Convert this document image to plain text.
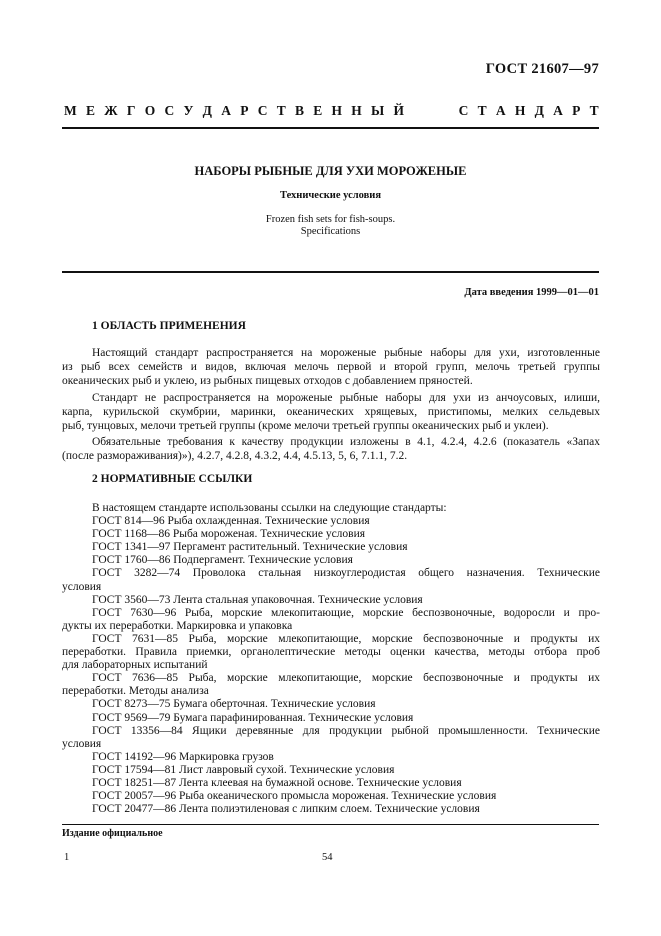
ГОСТ 21607—97
М Е Ж Г О С У Д А Р С Т В Е Н Н Ы Й	С Т А Н Д А Р Т
НАБОРЫ РЫБНЫЕ ДЛЯ УХИ МОРОЖЕНЫЕ
Технические условия
Frozen fish sets for fish-soups.
Specifications
Дата введения 1999—01—01
1 ОБЛАСТЬ ПРИМЕНЕНИЯ
Настоящий стандарт распространяется на мороженые рыбные наборы для ухи, изготовленные
из рыб всех семейств и видов, включая мелочь первой и второй групп, мелочь третьей группы
океанических рыб и уклею, из рыбных пищевых отходов с добавлением пряностей.
Стандарт не распространяется на мороженые рыбные наборы для ухи из анчоусовых, илиши,
карпа, курильской скумбрии, маринки, океанических хрящевых, пристипомы, мелких сельдевых
рыб, тунцовых, мелочи третьей группы (кроме мелочи третьей группы океанических рыб и уклеи).
Обязательные требования к качеству продукции изложены в 4.1, 4.2.4, 4.2.6 (показатель «Запах
(после размораживания)»), 4.2.7, 4.2.8, 4.3.2, 4.4, 4.5.13, 5, 6, 7.1.1, 7.2.
2 НОРМАТИВНЫЕ ССЫЛКИ
В настоящем стандарте использованы ссылки на следующие стандарты:
ГОСТ 814—96 Рыба охлажденная. Технические условия
ГОСТ 1168—86 Рыба мороженая. Технические условия
ГОСТ 1341—97 Пергамент растительный. Технические условия
ГОСТ 1760—86 Подпергамент. Технические условия
ГОСТ 3282—74 Проволока стальная низкоуглеродистая общего назначения. Технические
условия
ГОСТ 3560—73 Лента стальная упаковочная. Технические условия
ГОСТ 7630—96 Рыба, морские млекопитающие, морские беспозвоночные, водоросли и про-
дукты их переработки. Маркировка и упаковка
ГОСТ 7631—85 Рыба, морские млекопитающие, морские беспозвоночные и продукты их
переработки. Правила приемки, органолептические методы оценки качества, методы отбора проб
для лабораторных испытаний
ГОСТ 7636—85 Рыба, морские млекопитающие, морские беспозвоночные и продукты их
переработки. Методы анализа
ГОСТ 8273—75 Бумага оберточная. Технические условия
ГОСТ 9569—79 Бумага парафинированная. Технические условия
ГОСТ 13356—84 Ящики деревянные для продукции рыбной промышленности. Технические
условия
ГОСТ 14192—96 Маркировка грузов
ГОСТ 17594—81 Лист лавровый сухой. Технические условия
ГОСТ 18251—87 Лента клеевая на бумажной основе. Технические условия
ГОСТ 20057—96 Рыба океанического промысла мороженая. Технические условия
ГОСТ 20477—86 Лента полиэтиленовая с липким слоем. Технические условия
Издание официальное
1	54
